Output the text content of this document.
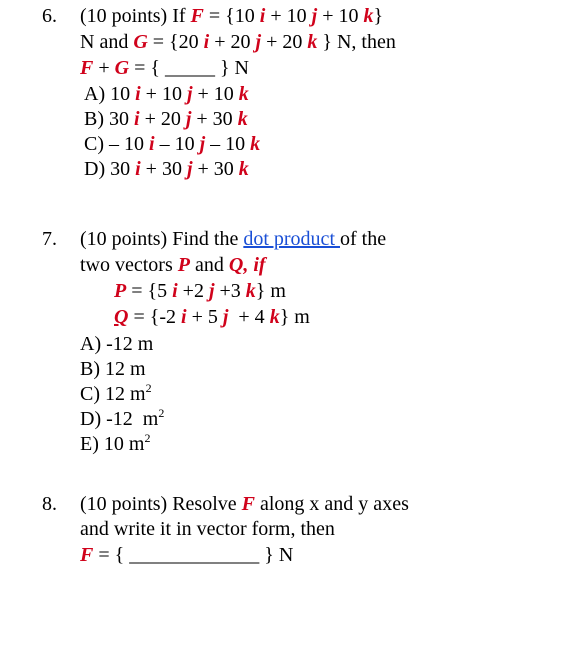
6. (10 points) If F = {10 i + 10 j + 10 k}
N and G = {20 i + 20 j + 20 k } N, then
F + G = { _____ } N
A) 10 i + 10 j + 10 k
B) 30 i + 20 j + 30 k
C) – 10 i – 10 j – 10 k
D) 30 i + 30 j + 30 k
7. (10 points) Find the dot product of the
two vectors P and Q, if
P = {5 i +2 j +3 k} m
Q = {-2 i + 5 j  + 4 k} m
A) -12 m
B) 12 m
C) 12 $m^2$
D) -12  $m^2$
E) 10 $m^2$
8. (10 points) Resolve F along x and y axes
and write it in vector form, then
F = { _____________ } N
